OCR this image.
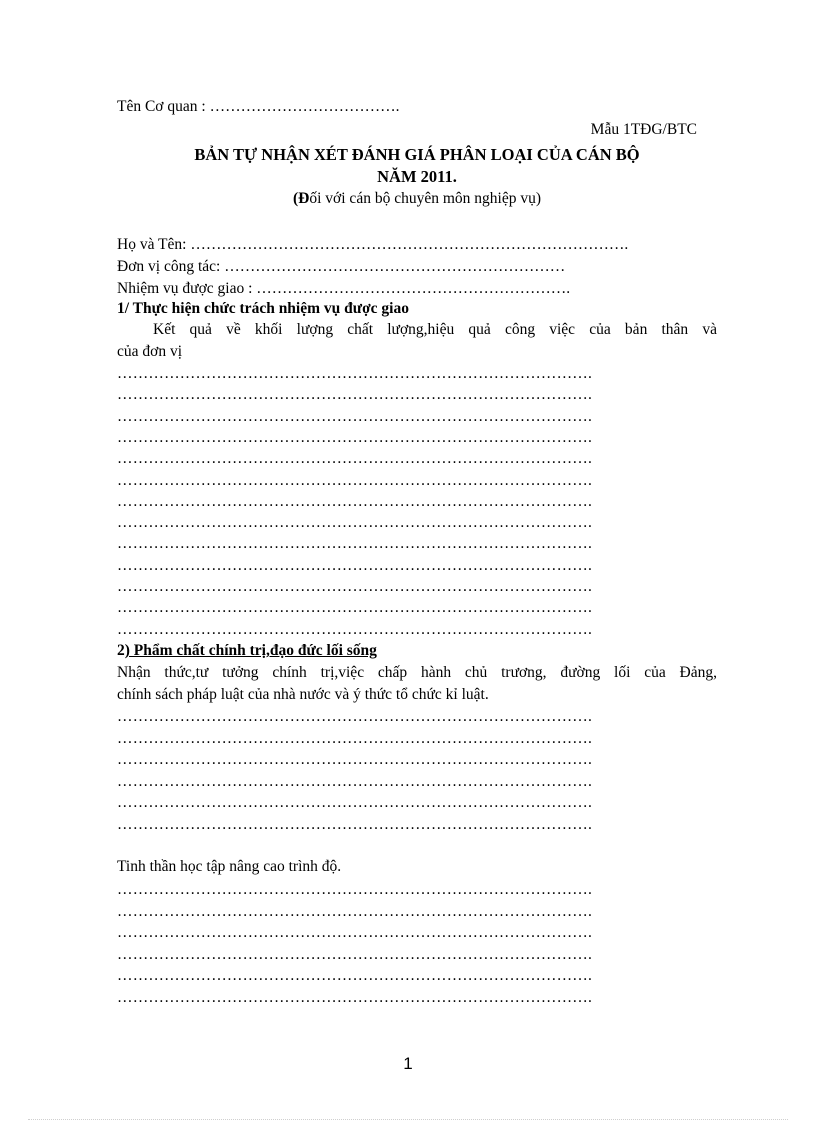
Tên Cơ quan : ……………………………….
Mẫu 1TĐG/BTC
BẢN TỰ NHẬN XÉT ĐÁNH GIÁ PHÂN LOẠI CỦA CÁN BỘ
NĂM 2011.
(Đối với cán bộ chuyên môn nghiệp vụ)
Họ và Tên: ………………………………………………………………………….
Đơn vị công tác: …………………………………………………………
Nhiệm vụ được giao : …………………………………………………….
1/ Thực hiện chức trách nhiệm vụ được giao
Kết quả về khối lượng chất lượng,hiệu quả công việc của bản thân và
của đơn vị
……………………………………………………………………………….
……………………………………………………………………………….
……………………………………………………………………………….
……………………………………………………………………………….
……………………………………………………………………………….
……………………………………………………………………………….
……………………………………………………………………………….
……………………………………………………………………………….
……………………………………………………………………………….
……………………………………………………………………………….
……………………………………………………………………………….
……………………………………………………………………………….
……………………………………………………………………………….
2) Phẩm chất chính trị,đạo đức lối sống
Nhận thức,tư tưởng chính trị,việc chấp hành chủ trương, đường lối của Đảng,
chính sách pháp luật của nhà nước và ý thức tổ chức kỉ luật.
……………………………………………………………………………….
……………………………………………………………………………….
……………………………………………………………………………….
……………………………………………………………………………….
……………………………………………………………………………….
……………………………………………………………………………….
Tinh thần học tập nâng cao trình độ.
……………………………………………………………………………….
……………………………………………………………………………….
……………………………………………………………………………….
……………………………………………………………………………….
……………………………………………………………………………….
……………………………………………………………………………….
1
